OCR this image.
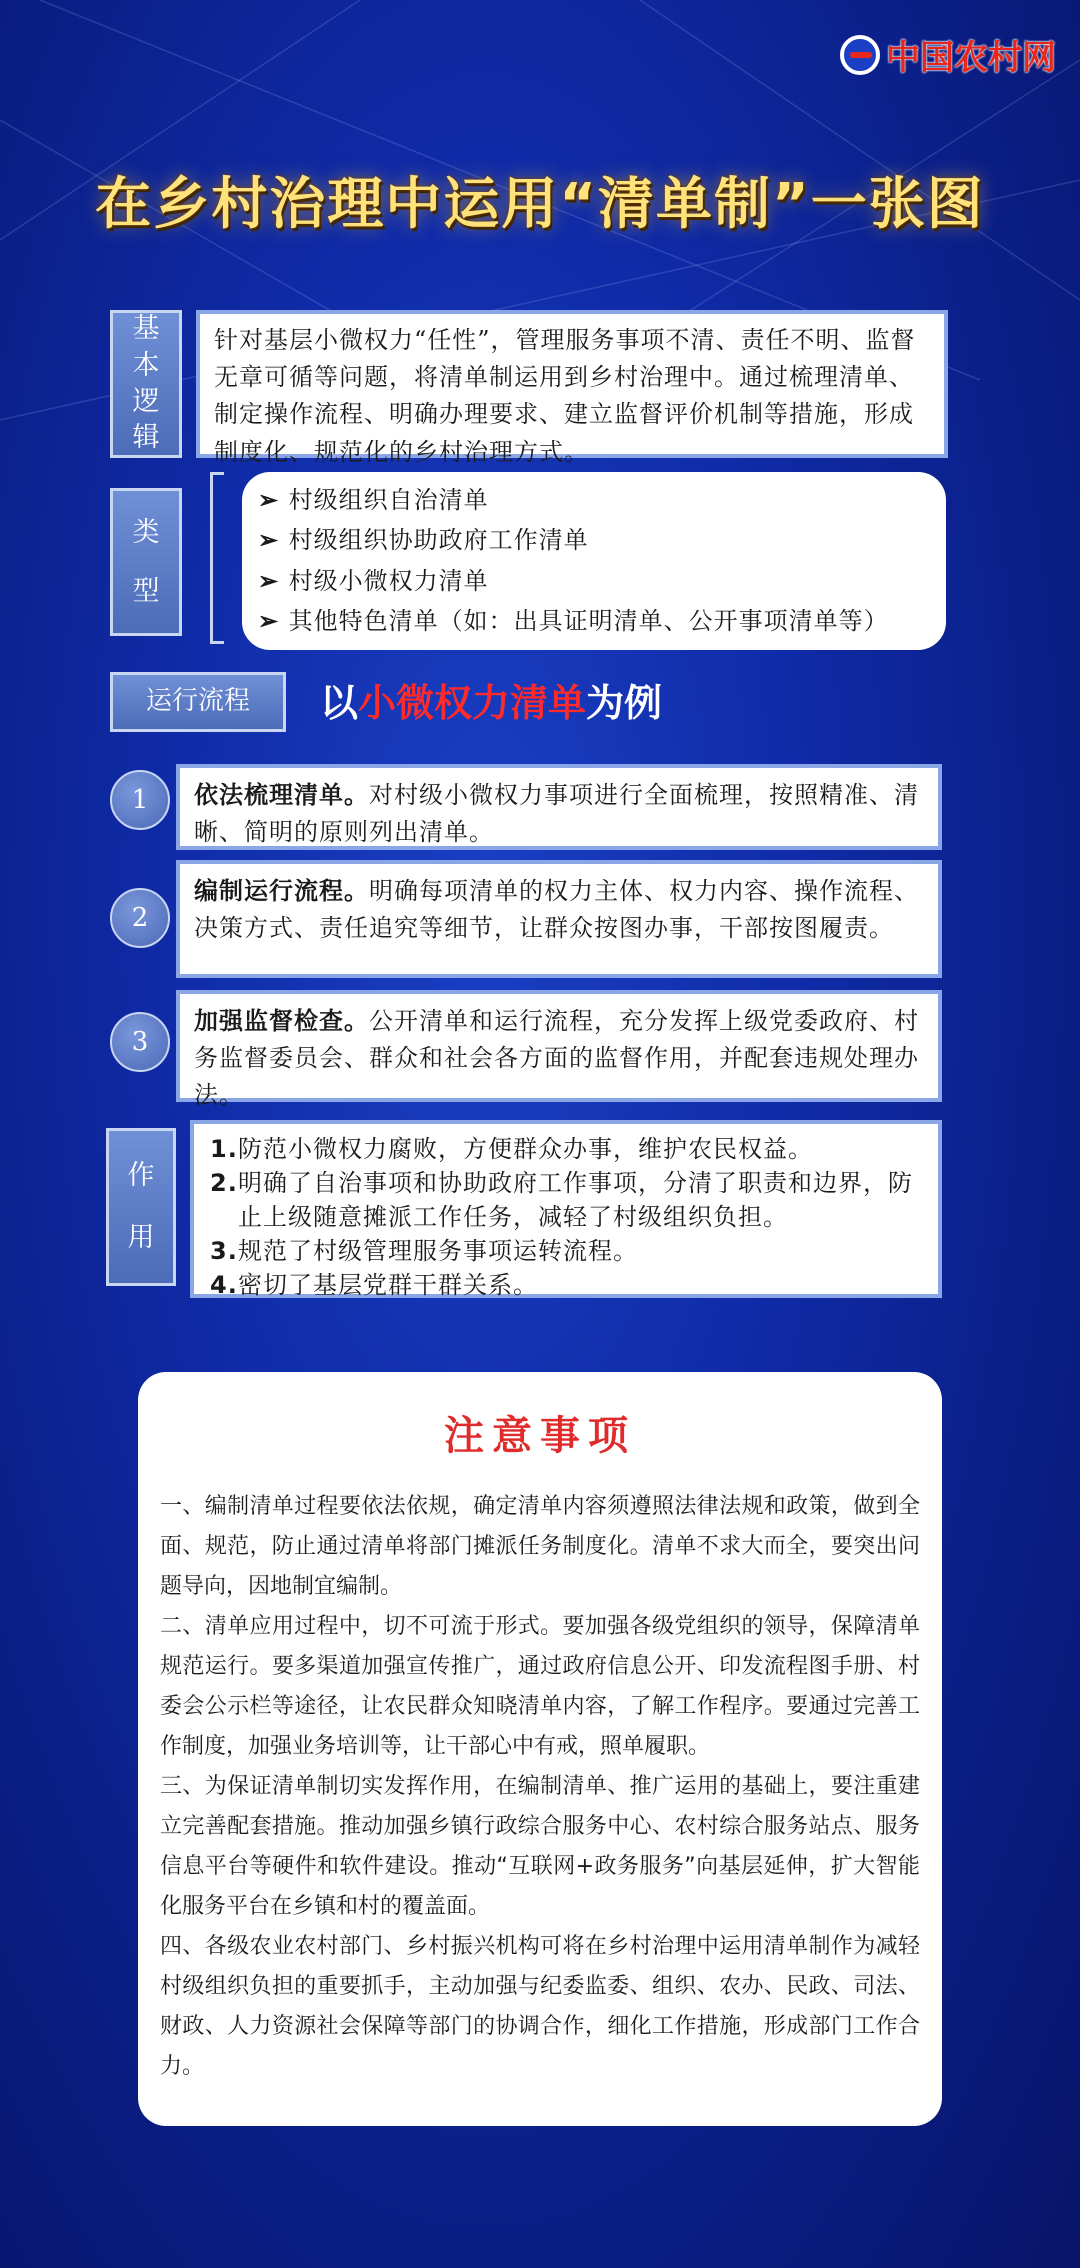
中国农村网
在乡村治理中运用“清单制”一张图
基本逻辑
针对基层小微权力“任性”，管理服务事项不清、责任不明、监督无章可循等问题，将清单制运用到乡村治理中。通过梳理清单、制定操作流程、明确办理要求、建立监督评价机制等措施，形成制度化、规范化的乡村治理方式。
类型
➢ 村级组织自治清单
➢ 村级组织协助政府工作清单
➢ 村级小微权力清单
➢ 其他特色清单（如：出具证明清单、公开事项清单等）
运行流程 以小微权力清单为例
1	依法梳理清单。对村级小微权力事项进行全面梳理，按照精准、清晰、简明的原则列出清单。
2
编制运行流程。明确每项清单的权力主体、权力内容、操作流程、决策方式、责任追究等细节，让群众按图办事，干部按图履责。
3
加强监督检查。公开清单和运行流程，充分发挥上级党委政府、村务监督委员会、群众和社会各方面的监督作用，并配套违规处理办法。
作用
1. 防范小微权力腐败，方便群众办事，维护农民权益。
2. 明确了自治事项和协助政府工作事项，分清了职责和边界，防止上级随意摊派工作任务，减轻了村级组织负担。
3. 规范了村级管理服务事项运转流程。
4. 密切了基层党群干群关系。
注意事项

一、编制清单过程要依法依规，确定清单内容须遵照法律法规和政策，做到全面、规范，防止通过清单将部门摊派任务制度化。清单不求大而全，要突出问题导向，因地制宜编制。

二、清单应用过程中，切不可流于形式。要加强各级党组织的领导，保障清单规范运行。要多渠道加强宣传推广，通过政府信息公开、印发流程图手册、村委会公示栏等途径，让农民群众知晓清单内容，了解工作程序。要通过完善工作制度，加强业务培训等，让干部心中有戒，照单履职。

三、为保证清单制切实发挥作用，在编制清单、推广运用的基础上，要注重建立完善配套措施。推动加强乡镇行政综合服务中心、农村综合服务站点、服务信息平台等硬件和软件建设。推动“互联网+政务服务”向基层延伸，扩大智能化服务平台在乡镇和村的覆盖面。

四、各级农业农村部门、乡村振兴机构可将在乡村治理中运用清单制作为减轻村级组织负担的重要抓手，主动加强与纪委监委、组织、农办、民政、司法、财政、人力资源社会保障等部门的协调合作，细化工作措施，形成部门工作合力。
